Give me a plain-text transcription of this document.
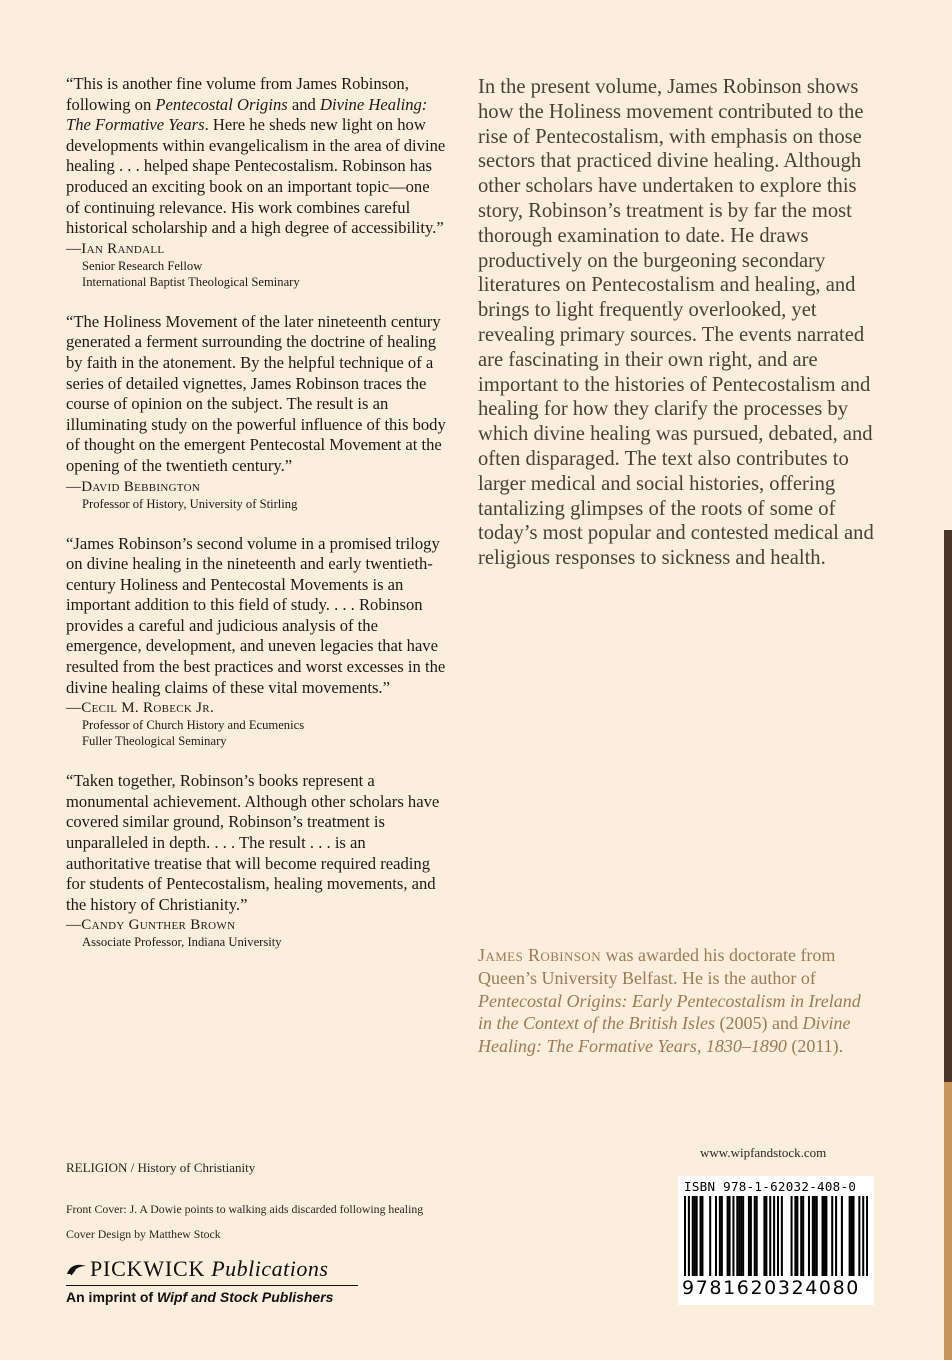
“This is another fine volume from James Robinson, following on Pentecostal Origins and Divine Healing: The Formative Years. Here he sheds new light on how developments within evangelicalism in the area of divine healing . . . helped shape Pentecostalism. Robinson has produced an exciting book on an important topic—one of continuing relevance. His work combines careful historical scholarship and a high degree of accessibility.”
—Ian Randall
Senior Research Fellow
International Baptist Theological Seminary
“The Holiness Movement of the later nineteenth century generated a ferment surrounding the doctrine of healing by faith in the atonement. By the helpful technique of a series of detailed vignettes, James Robinson traces the course of opinion on the subject. The result is an illuminating study on the powerful influence of this body of thought on the emergent Pentecostal Movement at the opening of the twentieth century.”
—David Bebbington
Professor of History, University of Stirling
“James Robinson’s second volume in a promised trilogy on divine healing in the nineteenth and early twentieth-century Holiness and Pentecostal Movements is an important addition to this field of study. . . . Robinson provides a careful and judicious analysis of the emergence, development, and uneven legacies that have resulted from the best practices and worst excesses in the divine healing claims of these vital movements.”
—Cecil M. Robeck Jr.
Professor of Church History and Ecumenics
Fuller Theological Seminary
“Taken together, Robinson’s books represent a monumental achievement. Although other scholars have covered similar ground, Robinson’s treatment is unparalleled in depth. . . . The result . . . is an authoritative treatise that will become required reading for students of Pentecostalism, healing movements, and the history of Christianity.”
—Candy Gunther Brown
Associate Professor, Indiana University
In the present volume, James Robinson shows how the Holiness movement contributed to the rise of Pentecostalism, with emphasis on those sectors that practiced divine healing. Although other scholars have undertaken to explore this story, Robinson’s treatment is by far the most thorough examination to date. He draws productively on the burgeoning secondary literatures on Pentecostalism and healing, and brings to light frequently overlooked, yet revealing primary sources. The events narrated are fascinating in their own right, and are important to the histories of Pentecostalism and healing for how they clarify the processes by which divine healing was pursued, debated, and often disparaged. The text also contributes to larger medical and social histories, offering tantalizing glimpses of the roots of some of today’s most popular and contested medical and religious responses to sickness and health.
James Robinson was awarded his doctorate from Queen’s University Belfast. He is the author of Pentecostal Origins: Early Pentecostalism in Ireland in the Context of the British Isles (2005) and Divine Healing: The Formative Years, 1830–1890 (2011).
www.wipfandstock.com
RELIGION / History of Christianity
Front Cover: J. A Dowie points to walking aids discarded following healing
Cover Design by Matthew Stock
PICKWICK Publications
An imprint of Wipf and Stock Publishers
ISBN 978-1-62032-408-0
9781620324080
